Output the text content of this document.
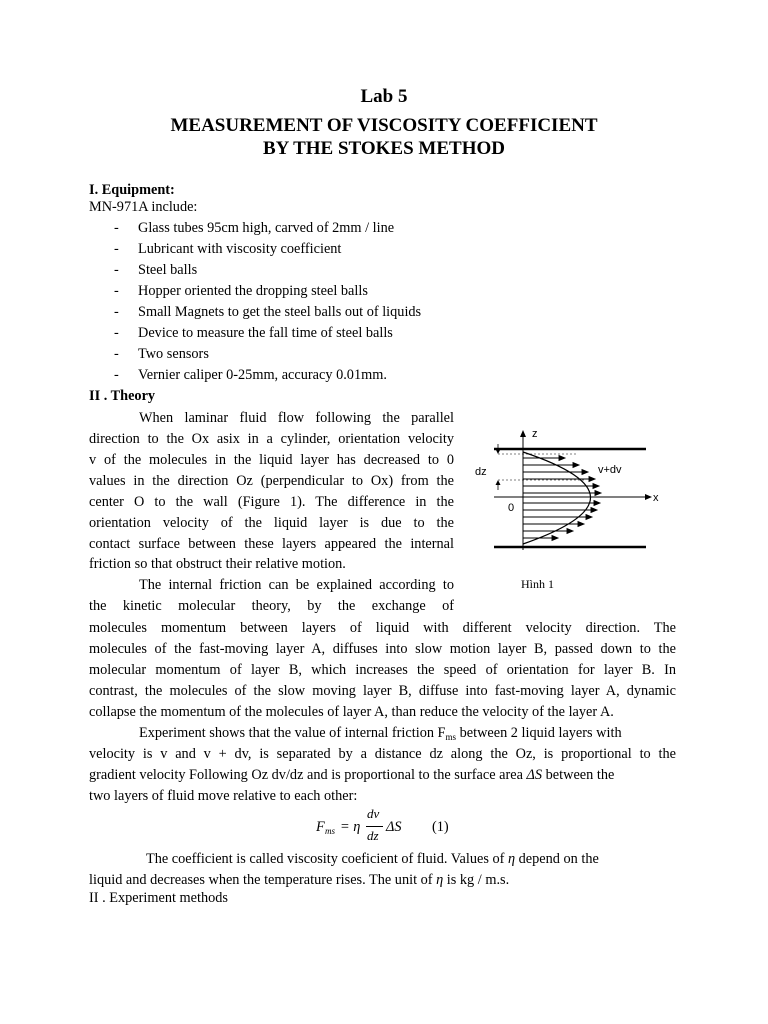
Lab 5
MEASUREMENT OF VISCOSITY COEFFICIENT
BY THE STOKES METHOD
I. Equipment:
MN-971A include:
- Glass tubes 95cm high, carved of 2mm / line
- Lubricant with viscosity coefficient
- Steel balls
- Hopper oriented the dropping steel balls
- Small Magnets to get the steel balls out of liquids
- Device to measure the fall time of steel balls
- Two sensors
- Vernier caliper 0-25mm, accuracy 0.01mm.
II . Theory
When laminar fluid flow following the parallel
direction to the Ox asix in a cylinder, orientation velocity
v of the molecules in the liquid layer has decreased to 0
values in the direction Oz (perpendicular to Ox) from the
center O to the wall (Figure 1). The difference in the
orientation velocity of the liquid layer is due to the
contact surface between these layers appeared the internal
friction so that obstruct their relative motion.
The internal friction can be explained according to
the kinetic molecular theory, by the exchange of
molecules momentum between layers of liquid with different velocity direction. The
molecules of the fast-moving layer A, diffuses into slow motion layer B, passed down to the
molecular momentum of layer B, which increases the speed of orientation for layer B. In
contrast, the molecules of the slow moving layer B, diffuse into fast-moving layer A, dynamic
collapse the momentum of the molecules of layer A, than reduce the velocity of the layer A.
Experiment shows that the value of internal friction $F_{ms}$ between 2 liquid layers with
velocity is v and v + dv, is separated by a distance dz along the Oz, is proportional to the
gradient velocity Following Oz dv/dz and is proportional to the surface area ΔS between the
two layers of fluid move relative to each other:
F ms = η
dv
dz
ΔS (1)
The coefficient is called viscosity coeficient of fluid. Values of η depend on the
liquid and decreases when the temperature rises. The unit of η is kg / m.s.
II . Experiment methods
z
x
0
dz	v+dv
Hình 1
